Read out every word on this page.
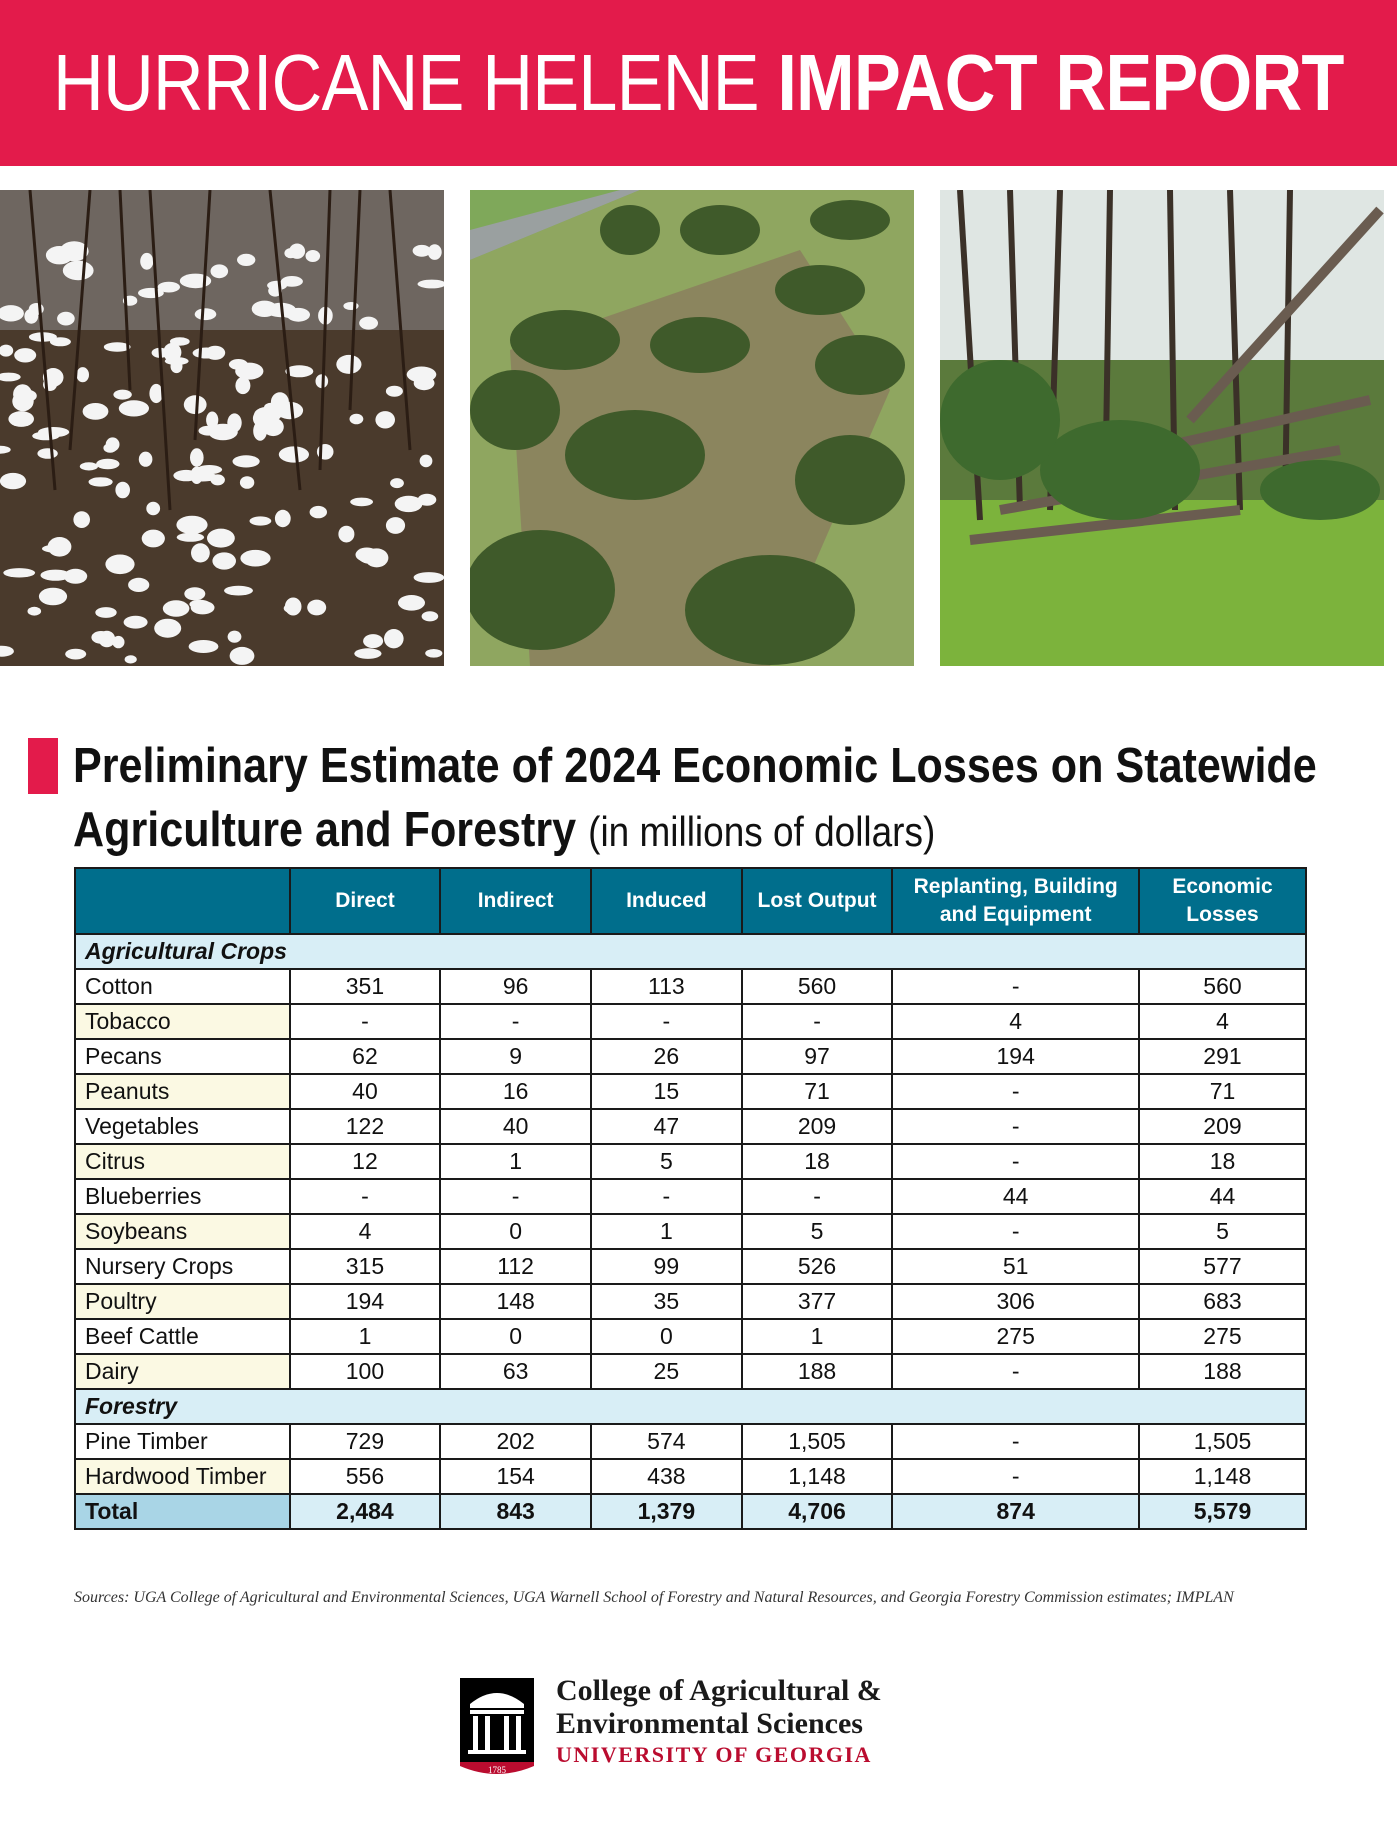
HURRICANE HELENE IMPACT REPORT
Preliminary Estimate of 2024 Economic Losses on Statewide
Agriculture and Forestry (in millions of dollars)
	Direct	Indirect	Induced	Lost Output	Replanting, Building and Equipment	Economic Losses
Agricultural Crops						
Cotton	351	96	113	560	-	560
Tobacco	-	-	-	-	4	4
Pecans	62	9	26	97	194	291
Peanuts	40	16	15	71	-	71
Vegetables	122	40	47	209	-	209
Citrus	12	1	5	18	-	18
Blueberries	-	-	-	-	44	44
Soybeans	4	0	1	5	-	5
Nursery Crops	315	112	99	526	51	577
Poultry	194	148	35	377	306	683
Beef Cattle	1	0	0	1	275	275
Dairy	100	63	25	188	-	188
Forestry						
Pine Timber	729	202	574	1,505	-	1,505
Hardwood Timber	556	154	438	1,148	-	1,148
Total	2,484	843	1,379	4,706	874	5,579
Sources: UGA College of Agricultural and Environmental Sciences, UGA Warnell School of Forestry and Natural Resources, and Georgia Forestry Commission estimates; IMPLAN
1785
College of Agricultural &
Environmental Sciences
UNIVERSITY OF GEORGIA
